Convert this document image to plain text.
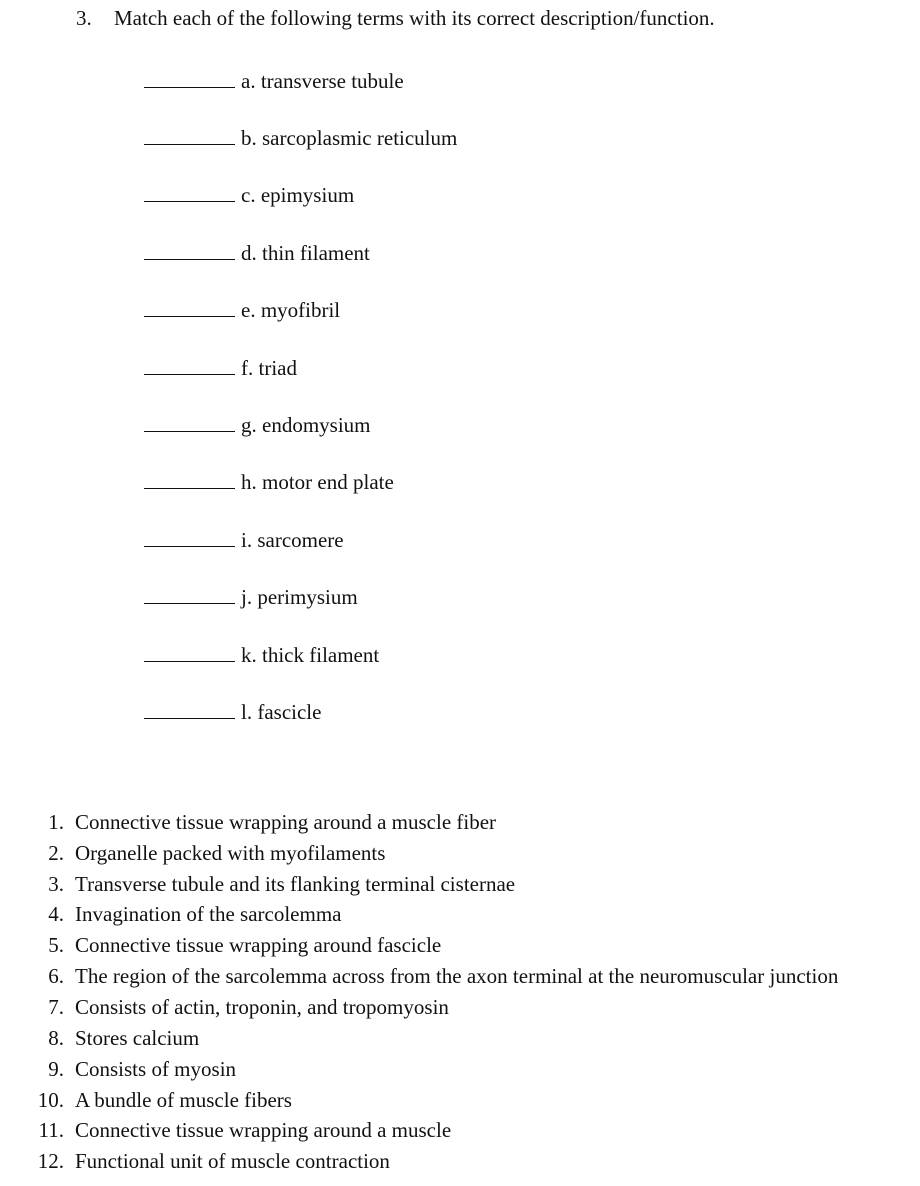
3. Match each of the following terms with its correct description/function.
a. transverse tubule
b. sarcoplasmic reticulum
c. epimysium
d. thin filament
e. myofibril
f. triad
g. endomysium
h. motor end plate
i. sarcomere
j. perimysium
k. thick filament
l. fascicle
1. Connective tissue wrapping around a muscle fiber
2. Organelle packed with myofilaments
3. Transverse tubule and its flanking terminal cisternae
4. Invagination of the sarcolemma
5. Connective tissue wrapping around fascicle
6. The region of the sarcolemma across from the axon terminal at the neuromuscular junction
7. Consists of actin, troponin, and tropomyosin
8. Stores calcium
9. Consists of myosin
10. A bundle of muscle fibers
11. Connective tissue wrapping around a muscle
12. Functional unit of muscle contraction
